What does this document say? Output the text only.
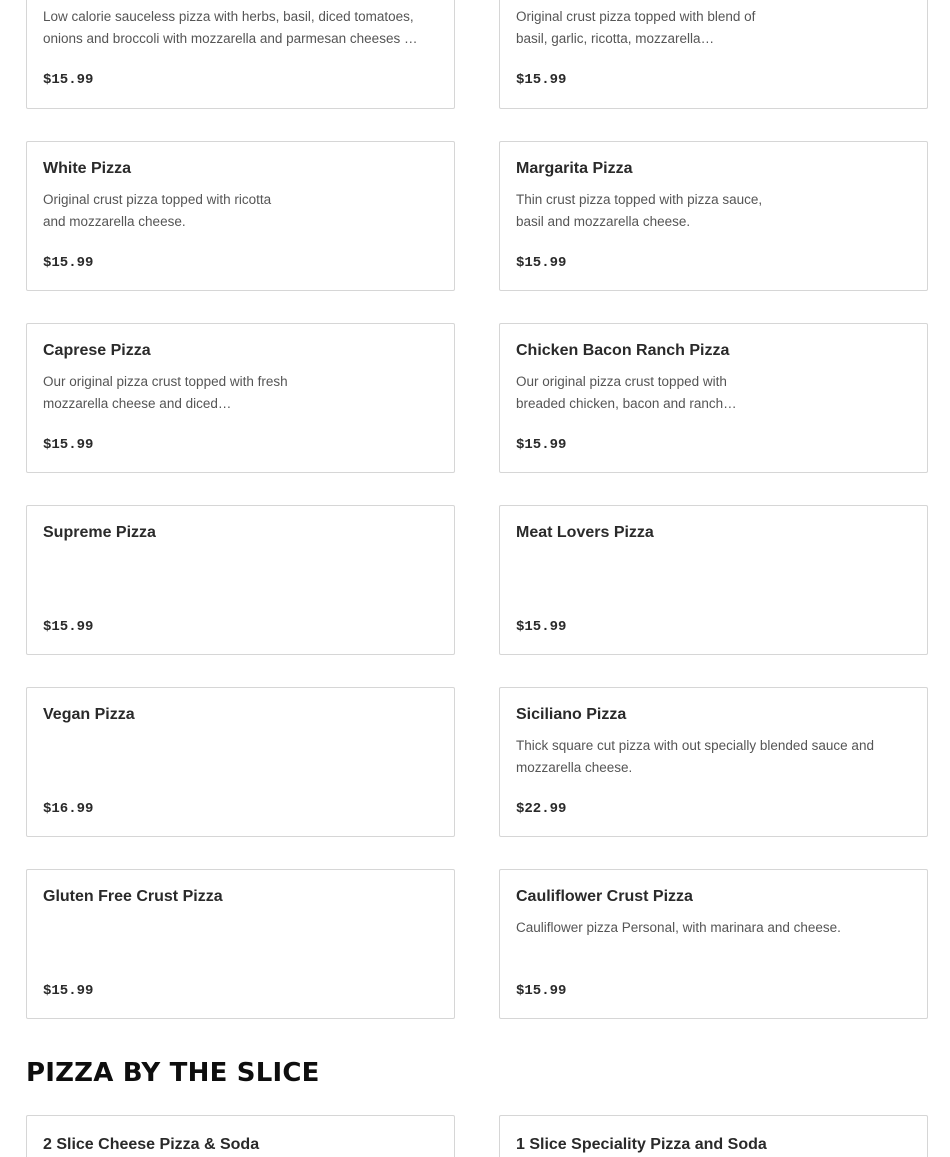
Low calorie sauceless pizza with herbs, basil, diced tomatoes, onions and broccoli with mozzarella and parmesan cheeses …
$15.99
Original crust pizza topped with blend of basil, garlic, ricotta, mozzarella…
$15.99
White Pizza
Original crust pizza topped with ricotta and mozzarella cheese.
$15.99
Margarita Pizza
Thin crust pizza topped with pizza sauce, basil and mozzarella cheese.
$15.99
Caprese Pizza
Our original pizza crust topped with fresh mozzarella cheese and diced…
$15.99
Chicken Bacon Ranch Pizza
Our original pizza crust topped with breaded chicken, bacon and ranch…
$15.99
Supreme Pizza
$15.99
Meat Lovers Pizza
$15.99
Vegan Pizza
$16.99
Siciliano Pizza
Thick square cut pizza with out specially blended sauce and mozzarella cheese.
$22.99
Gluten Free Crust Pizza
$15.99
Cauliflower Crust Pizza
Cauliflower pizza Personal, with marinara and cheese.
$15.99
PIZZA BY THE SLICE
2 Slice Cheese Pizza & Soda	1 Slice Speciality Pizza and Soda
